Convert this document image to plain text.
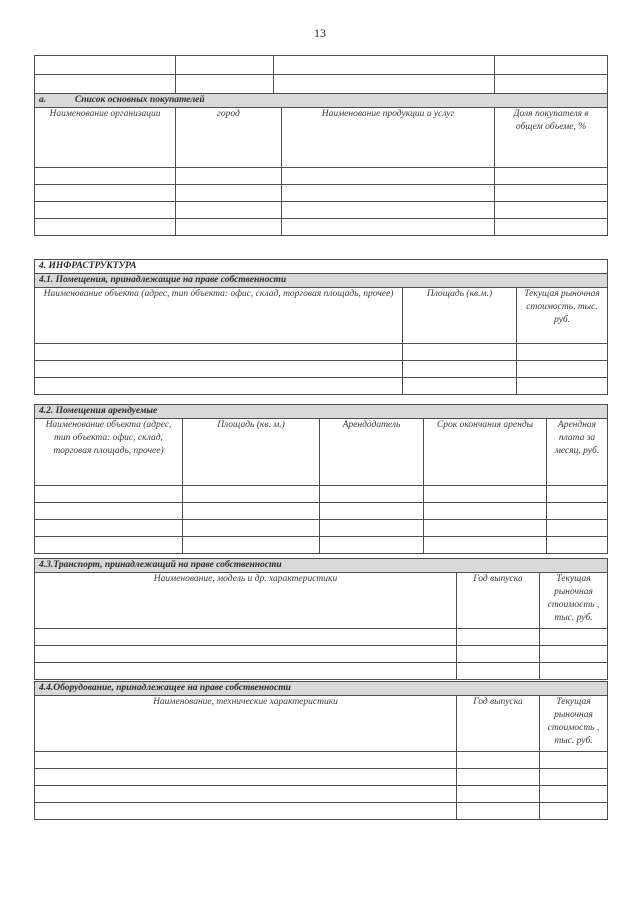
13

а. Список основных покупателей			
Наименование организации	город	Наименование продукции и услуг	Доля покупателя в общем объеме, %

4. ИНФРАСТРУКТУРА		
4.1. Помещения, принадлежащие на праве собственности		
Наименование объекта (адрес, тип объекта: офис, склад, торговая площадь, прочее)	Площадь (кв.м.)	Текущая рыночная стоимость, тыс. руб.

4.2. Помещения арендуемые				
Наименование объекта (адрес, тип объекта: офис, склад, торговая площадь, прочее)	Площадь (кв. м.)	Арендодатель	Срок окончания аренды	Арендная плата за месяц, руб.

4.3.Транспорт, принадлежащий на праве собственности		
Наименование, модель и др. характеристики	Год выпуска	Текущая рыночная стоимость , тыс. руб.

4.4.Оборудование, принадлежащее на праве собственности		
Наименование, технические характеристики	Год выпуска	Текущая рыночная стоимость , тыс. руб.
